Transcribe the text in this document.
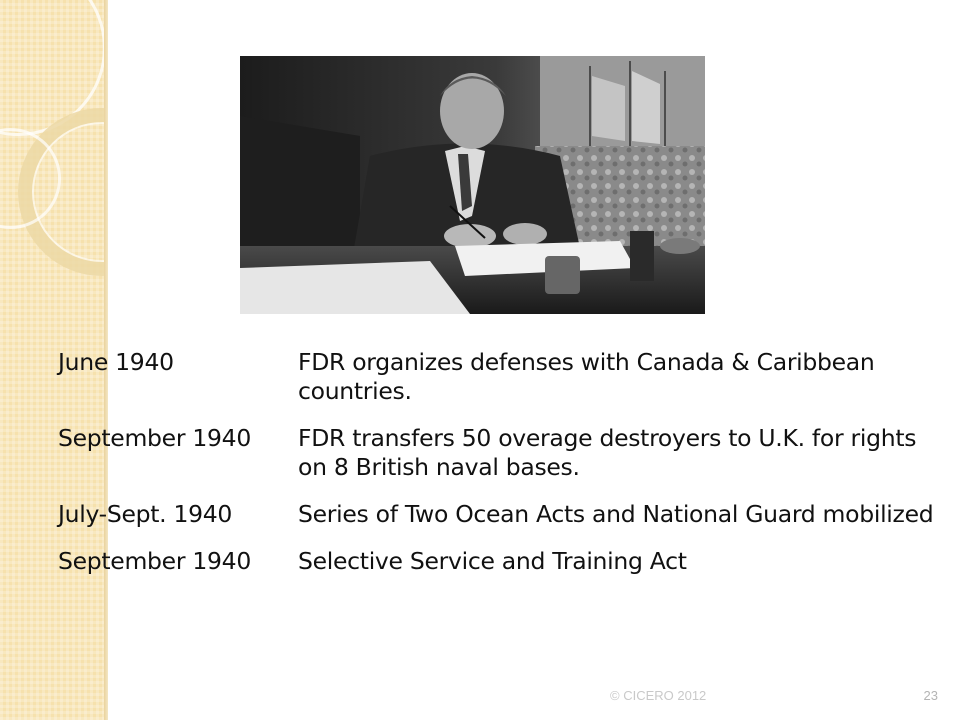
June 1940	FDR organizes defenses with Canada & Caribbean countries.
September 1940	FDR transfers 50 overage destroyers to U.K. for rights on 8 British naval bases.
July-Sept. 1940	Series of Two Ocean Acts and National Guard mobilized
September 1940	Selective Service and Training Act
© CICERO 2012	23
